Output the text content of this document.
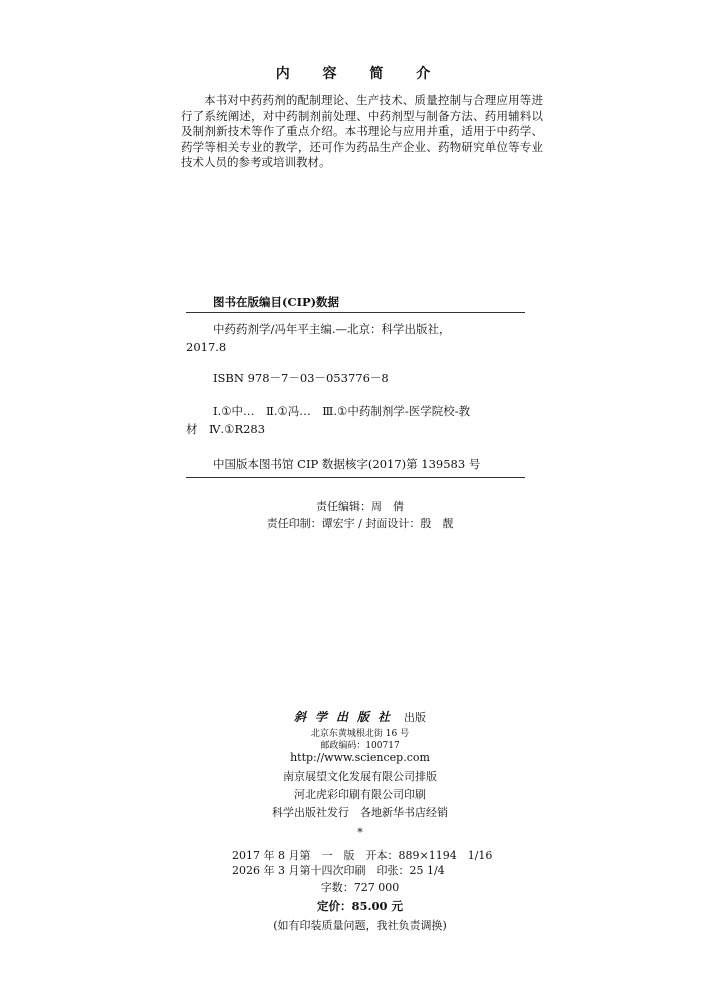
内 容 简 介
本书对中药药剂的配制理论、生产技术、质量控制与合理应用等进行了系统阐述，对中药制剂前处理、中药剂型与制备方法、药用辅料以及制剂新技术等作了重点介绍。本书理论与应用并重，适用于中药学、药学等相关专业的教学，还可作为药品生产企业、药物研究单位等专业技术人员的参考或培训教材。
图书在版编目(CIP)数据
中药药剂学/冯年平主编.—北京：科学出版社，
2017.8
ISBN 978－7－03－053776－8
Ⅰ.①中…　Ⅱ.①冯…　Ⅲ.①中药制剂学-医学院校-教
材　Ⅳ.①R283
中国版本图书馆 CIP 数据核字(2017)第 139583 号
责任编辑：周　倩
责任印制：谭宏宇 / 封面设计：殷　靓
斜学出版社 出版
北京东黄城根北街 16 号
邮政编码：100717
http://www.sciencep.com
南京展望文化发展有限公司排版
河北虎彩印刷有限公司印刷
科学出版社发行　各地新华书店经销
*
2017 年 8 月第　一　版　开本：889×1194　1/16
2026 年 3 月第十四次印刷　印张：25 1/4
字数：727 000
定价：85.00 元
(如有印装质量问题，我社负责调换)
